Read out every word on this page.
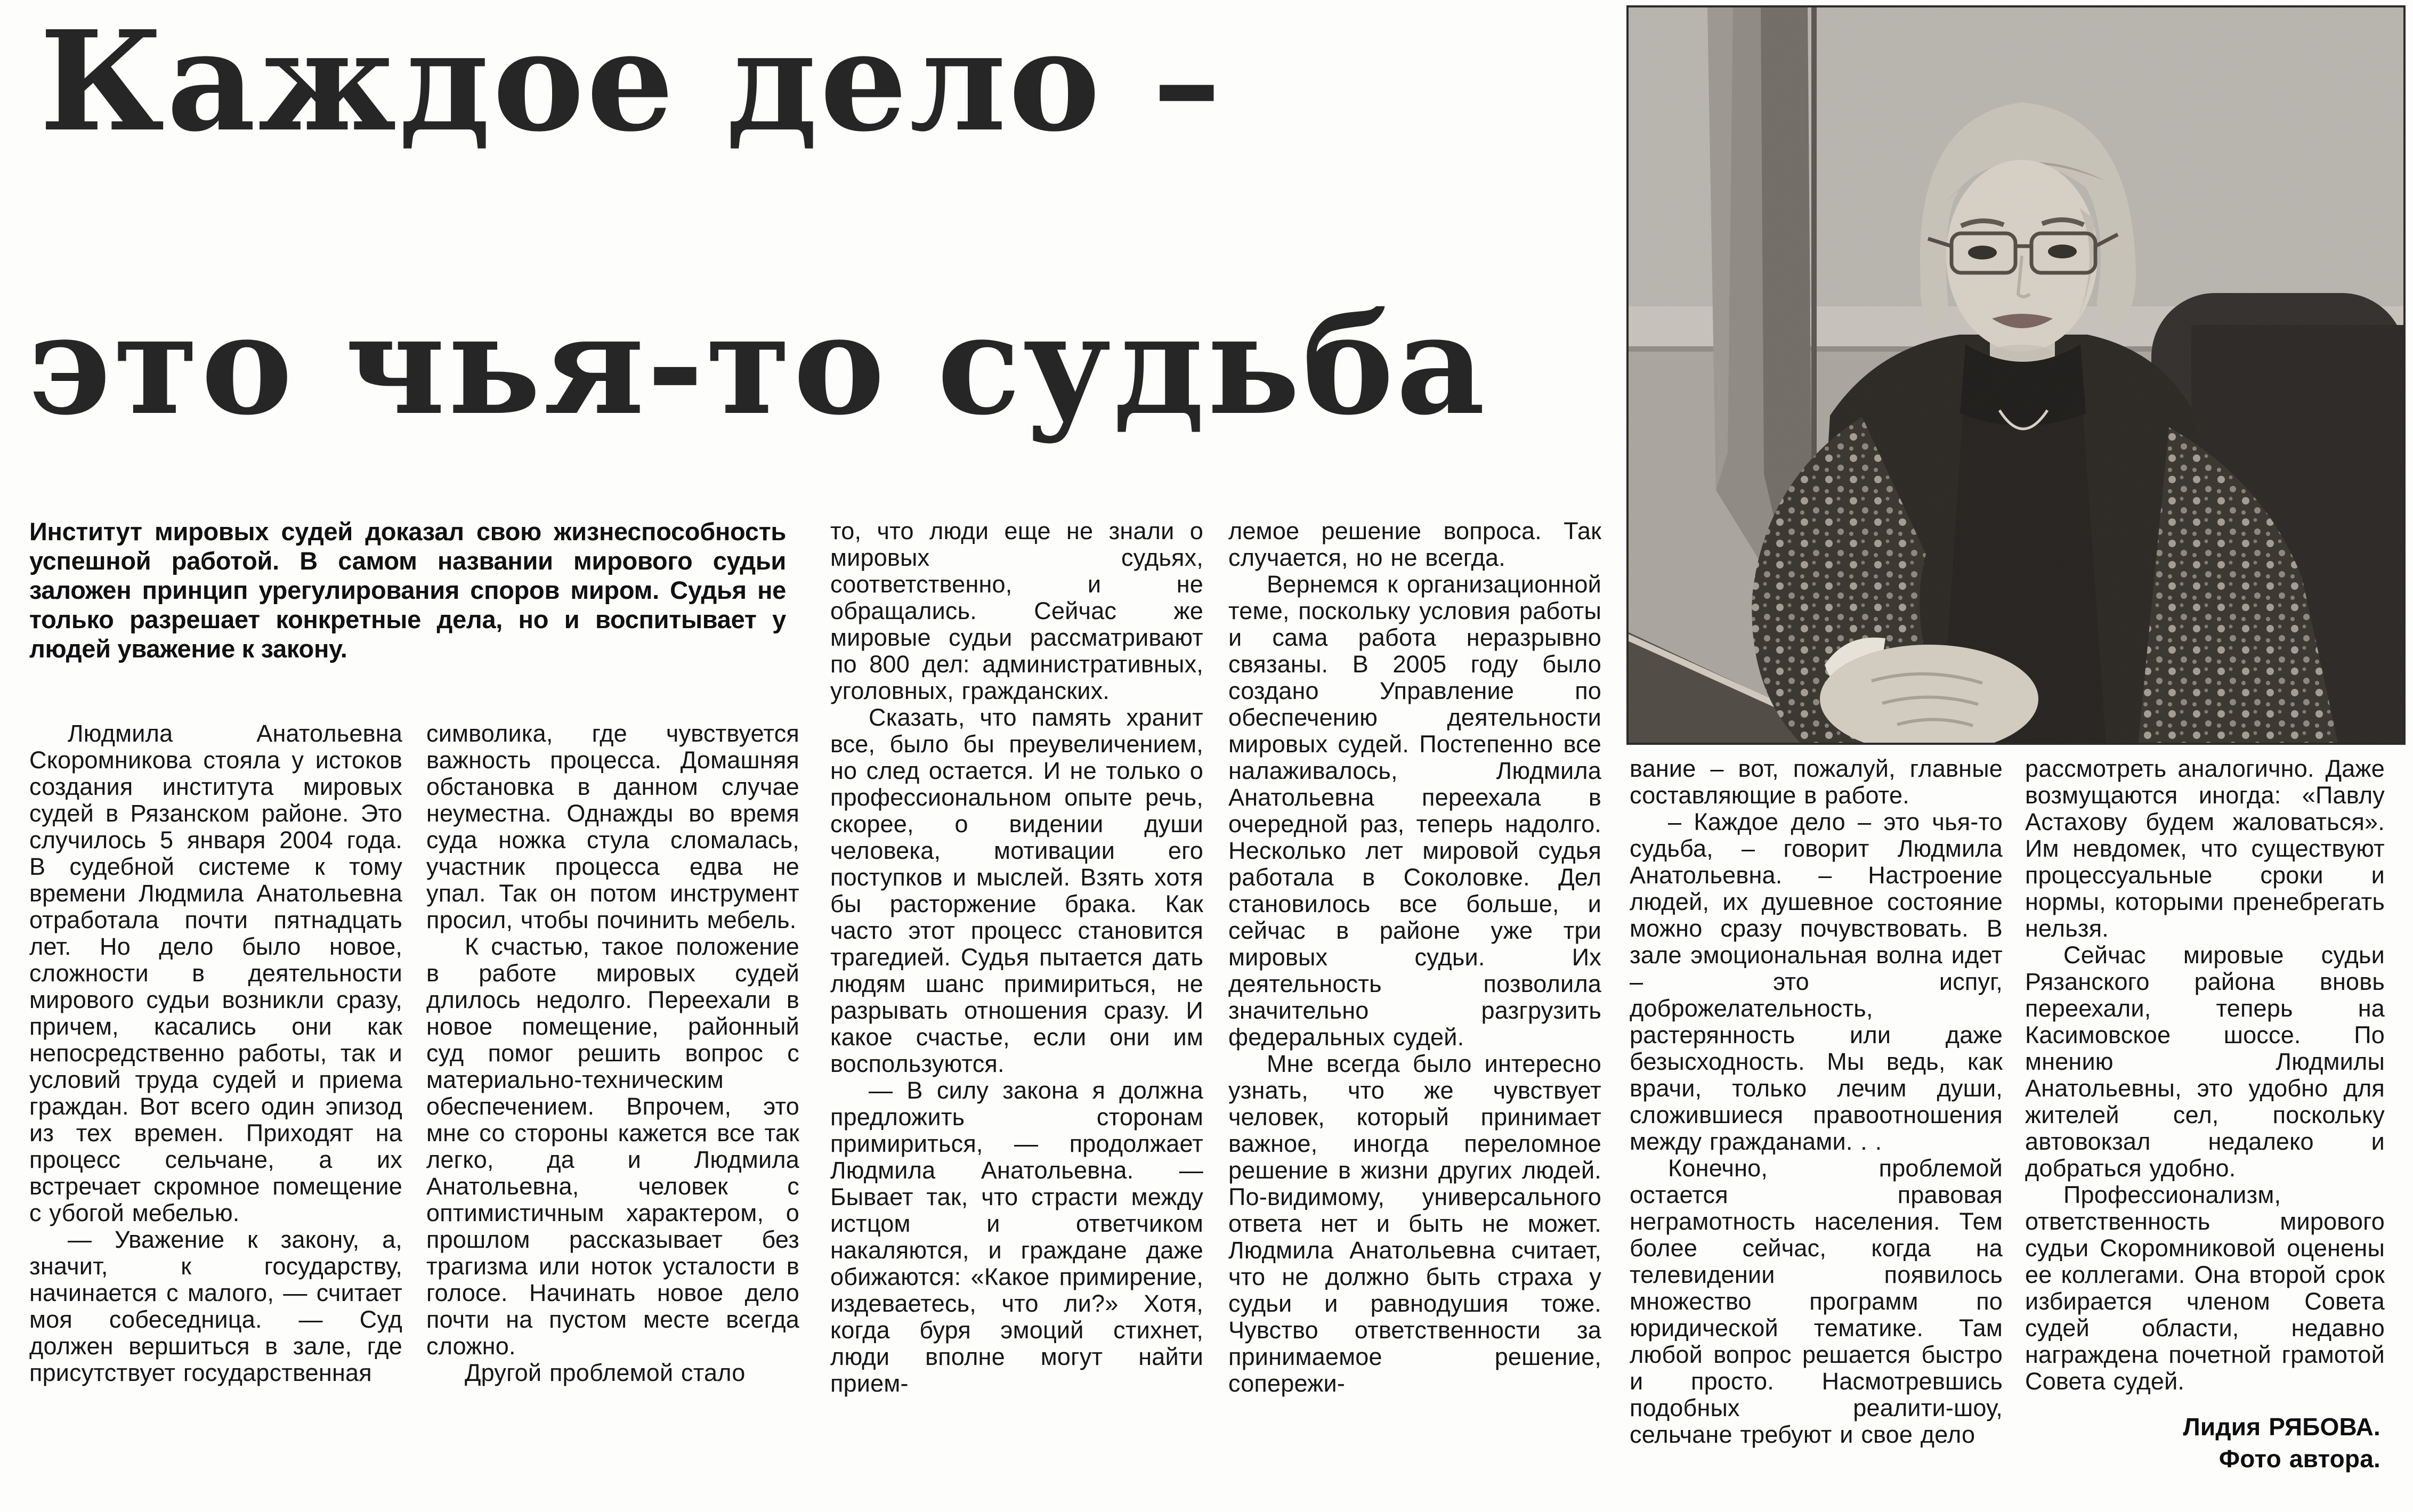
Каждое дело –
это чья-то судьба
Институт мировых судей доказал свою жизнеспособность успешной работой. В самом названии мирового судьи заложен принцип урегулирования споров миром. Судья не только разрешает конкретные дела, но и воспитывает у людей уважение к закону.

Людмила Анатольевна Скоромникова стояла у истоков создания института мировых судей в Рязанском районе. Это случилось 5 января 2004 года. В судебной системе к тому времени Людмила Анатольевна отработала почти пятнадцать лет. Но дело было новое, сложности в деятельности мирового судьи возникли сразу, причем, касались они как непосредственно работы, так и условий труда судей и приема граждан. Вот всего один эпизод из тех времен. Приходят на процесс сельчане, а их встречает скромное помещение с убогой мебелью.

— Уважение к закону, а, значит, к государству, начинается с малого, — считает моя собеседница. — Суд должен вершиться в зале, где присутствует государственная

символика, где чувствуется важность процесса. Домашняя обстановка в данном случае неуместна. Однажды во время суда ножка стула сломалась, участник процесса едва не упал. Так он потом инструмент просил, чтобы починить мебель.

К счастью, такое положение в работе мировых судей длилось недолго. Переехали в новое помещение, районный суд помог решить вопрос с материально-техническим обеспечением. Впрочем, это мне со стороны кажется все так легко, да и Людмила Анатольевна, человек с оптимистичным характером, о прошлом рассказывает без трагизма или ноток усталости в голосе. Начинать новое дело почти на пустом месте всегда сложно.

Другой проблемой стало

то, что люди еще не знали о мировых судьях, соответственно, и не обращались. Сейчас же мировые судьи рассматривают по 800 дел: административных, уголовных, гражданских.

Сказать, что память хранит все, было бы преувеличением, но след остается. И не только о профессиональном опыте речь, скорее, о видении души человека, мотивации его поступков и мыслей. Взять хотя бы расторжение брака. Как часто этот процесс становится трагедией. Судья пытается дать людям шанс примириться, не разрывать отношения сразу. И какое счастье, если они им воспользуются.

— В силу закона я должна предложить сторонам примириться, — продолжает Людмила Анатольевна. — Бывает так, что страсти между истцом и ответчиком накаляются, и граждане даже обижаются: «Какое примирение, издеваетесь, что ли?» Хотя, когда буря эмоций стихнет, люди вполне могут найти прием-

лемое решение вопроса. Так случается, но не всегда.

Вернемся к организационной теме, поскольку условия работы и сама работа неразрывно связаны. В 2005 году было создано Управление по обеспечению деятельности мировых судей. Постепенно все налаживалось, Людмила Анатольевна переехала в очередной раз, теперь надолго. Несколько лет мировой судья работала в Соколовке. Дел становилось все больше, и сейчас в районе уже три мировых судьи. Их деятельность позволила значительно разгрузить федеральных судей.

Мне всегда было интересно узнать, что же чувствует человек, который принимает важное, иногда переломное решение в жизни других людей. По-видимому, универсального ответа нет и быть не может. Людмила Анатольевна считает, что не должно быть страха у судьи и равнодушия тоже. Чувство ответственности за принимаемое решение, сопережи-

вание – вот, пожалуй, главные составляющие в работе.

– Каждое дело – это чья-то судьба, – говорит Людмила Анатольевна. – Настроение людей, их душевное состояние можно сразу почувствовать. В зале эмоциональная волна идет – это испуг, доброжелательность, растерянность или даже безысходность. Мы ведь, как врачи, только лечим души, сложившиеся правоотношения между гражданами. . .

Конечно, проблемой остается правовая неграмотность населения. Тем более сейчас, когда на телевидении появилось множество программ по юридической тематике. Там любой вопрос решается быстро и просто. Насмотревшись подобных реалити-шоу, сельчане требуют и свое дело

рассмотреть аналогично. Даже возмущаются иногда: «Павлу Астахову будем жаловаться». Им невдомек, что существуют процессуальные сроки и нормы, которыми пренебрегать нельзя.

Сейчас мировые судьи Рязанского района вновь переехали, теперь на Касимовское шоссе. По мнению Людмилы Анатольевны, это удобно для жителей сел, поскольку автовокзал недалеко и добраться удобно.

Профессионализм, ответственность мирового судьи Скоромниковой оценены ее коллегами. Она второй срок избирается членом Совета судей области, недавно награждена почетной грамотой Совета судей.

Лидия РЯБОВА.
Фото автора.
